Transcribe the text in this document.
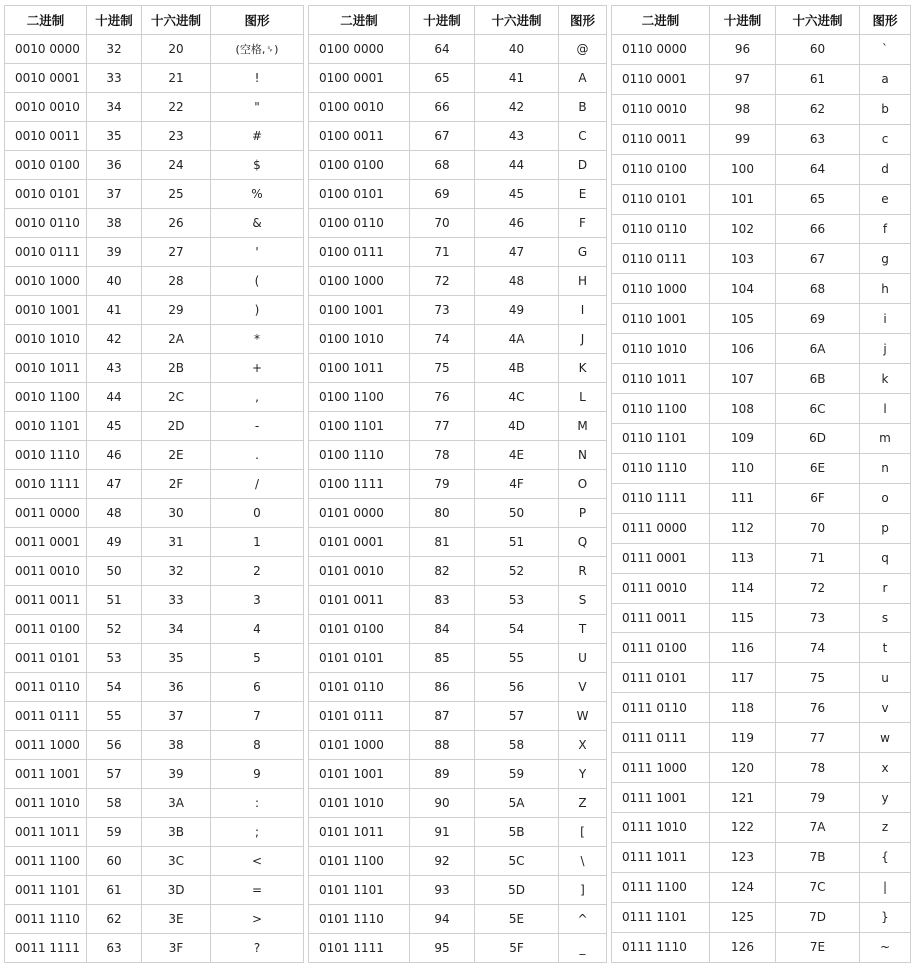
二进制	十进制	十六进制	图形
0010 0000	32	20	(空格,␠)
0010 0001	33	21	!
0010 0010	34	22	"
0010 0011	35	23	#
0010 0100	36	24	$
0010 0101	37	25	%
0010 0110	38	26	&
0010 0111	39	27	'
0010 1000	40	28	(
0010 1001	41	29	)
0010 1010	42	2A	*
0010 1011	43	2B	+
0010 1100	44	2C	,
0010 1101	45	2D	-
0010 1110	46	2E	.
0010 1111	47	2F	/
0011 0000	48	30	0
0011 0001	49	31	1
0011 0010	50	32	2
0011 0011	51	33	3
0011 0100	52	34	4
0011 0101	53	35	5
0011 0110	54	36	6
0011 0111	55	37	7
0011 1000	56	38	8
0011 1001	57	39	9
0011 1010	58	3A	:
0011 1011	59	3B	;
0011 1100	60	3C	<
0011 1101	61	3D	=
0011 1110	62	3E	>
0011 1111	63	3F	?
二进制	十进制	十六进制	图形
0100 0000	64	40	@
0100 0001	65	41	A
0100 0010	66	42	B
0100 0011	67	43	C
0100 0100	68	44	D
0100 0101	69	45	E
0100 0110	70	46	F
0100 0111	71	47	G
0100 1000	72	48	H
0100 1001	73	49	I
0100 1010	74	4A	J
0100 1011	75	4B	K
0100 1100	76	4C	L
0100 1101	77	4D	M
0100 1110	78	4E	N
0100 1111	79	4F	O
0101 0000	80	50	P
0101 0001	81	51	Q
0101 0010	82	52	R
0101 0011	83	53	S
0101 0100	84	54	T
0101 0101	85	55	U
0101 0110	86	56	V
0101 0111	87	57	W
0101 1000	88	58	X
0101 1001	89	59	Y
0101 1010	90	5A	Z
0101 1011	91	5B	[
0101 1100	92	5C	\
0101 1101	93	5D	]
0101 1110	94	5E	^
0101 1111	95	5F	_
二进制	十进制	十六进制	图形
0110 0000	96	60	`
0110 0001	97	61	a
0110 0010	98	62	b
0110 0011	99	63	c
0110 0100	100	64	d
0110 0101	101	65	e
0110 0110	102	66	f
0110 0111	103	67	g
0110 1000	104	68	h
0110 1001	105	69	i
0110 1010	106	6A	j
0110 1011	107	6B	k
0110 1100	108	6C	l
0110 1101	109	6D	m
0110 1110	110	6E	n
0110 1111	111	6F	o
0111 0000	112	70	p
0111 0001	113	71	q
0111 0010	114	72	r
0111 0011	115	73	s
0111 0100	116	74	t
0111 0101	117	75	u
0111 0110	118	76	v
0111 0111	119	77	w
0111 1000	120	78	x
0111 1001	121	79	y
0111 1010	122	7A	z
0111 1011	123	7B	{
0111 1100	124	7C	|
0111 1101	125	7D	}
0111 1110	126	7E	~
